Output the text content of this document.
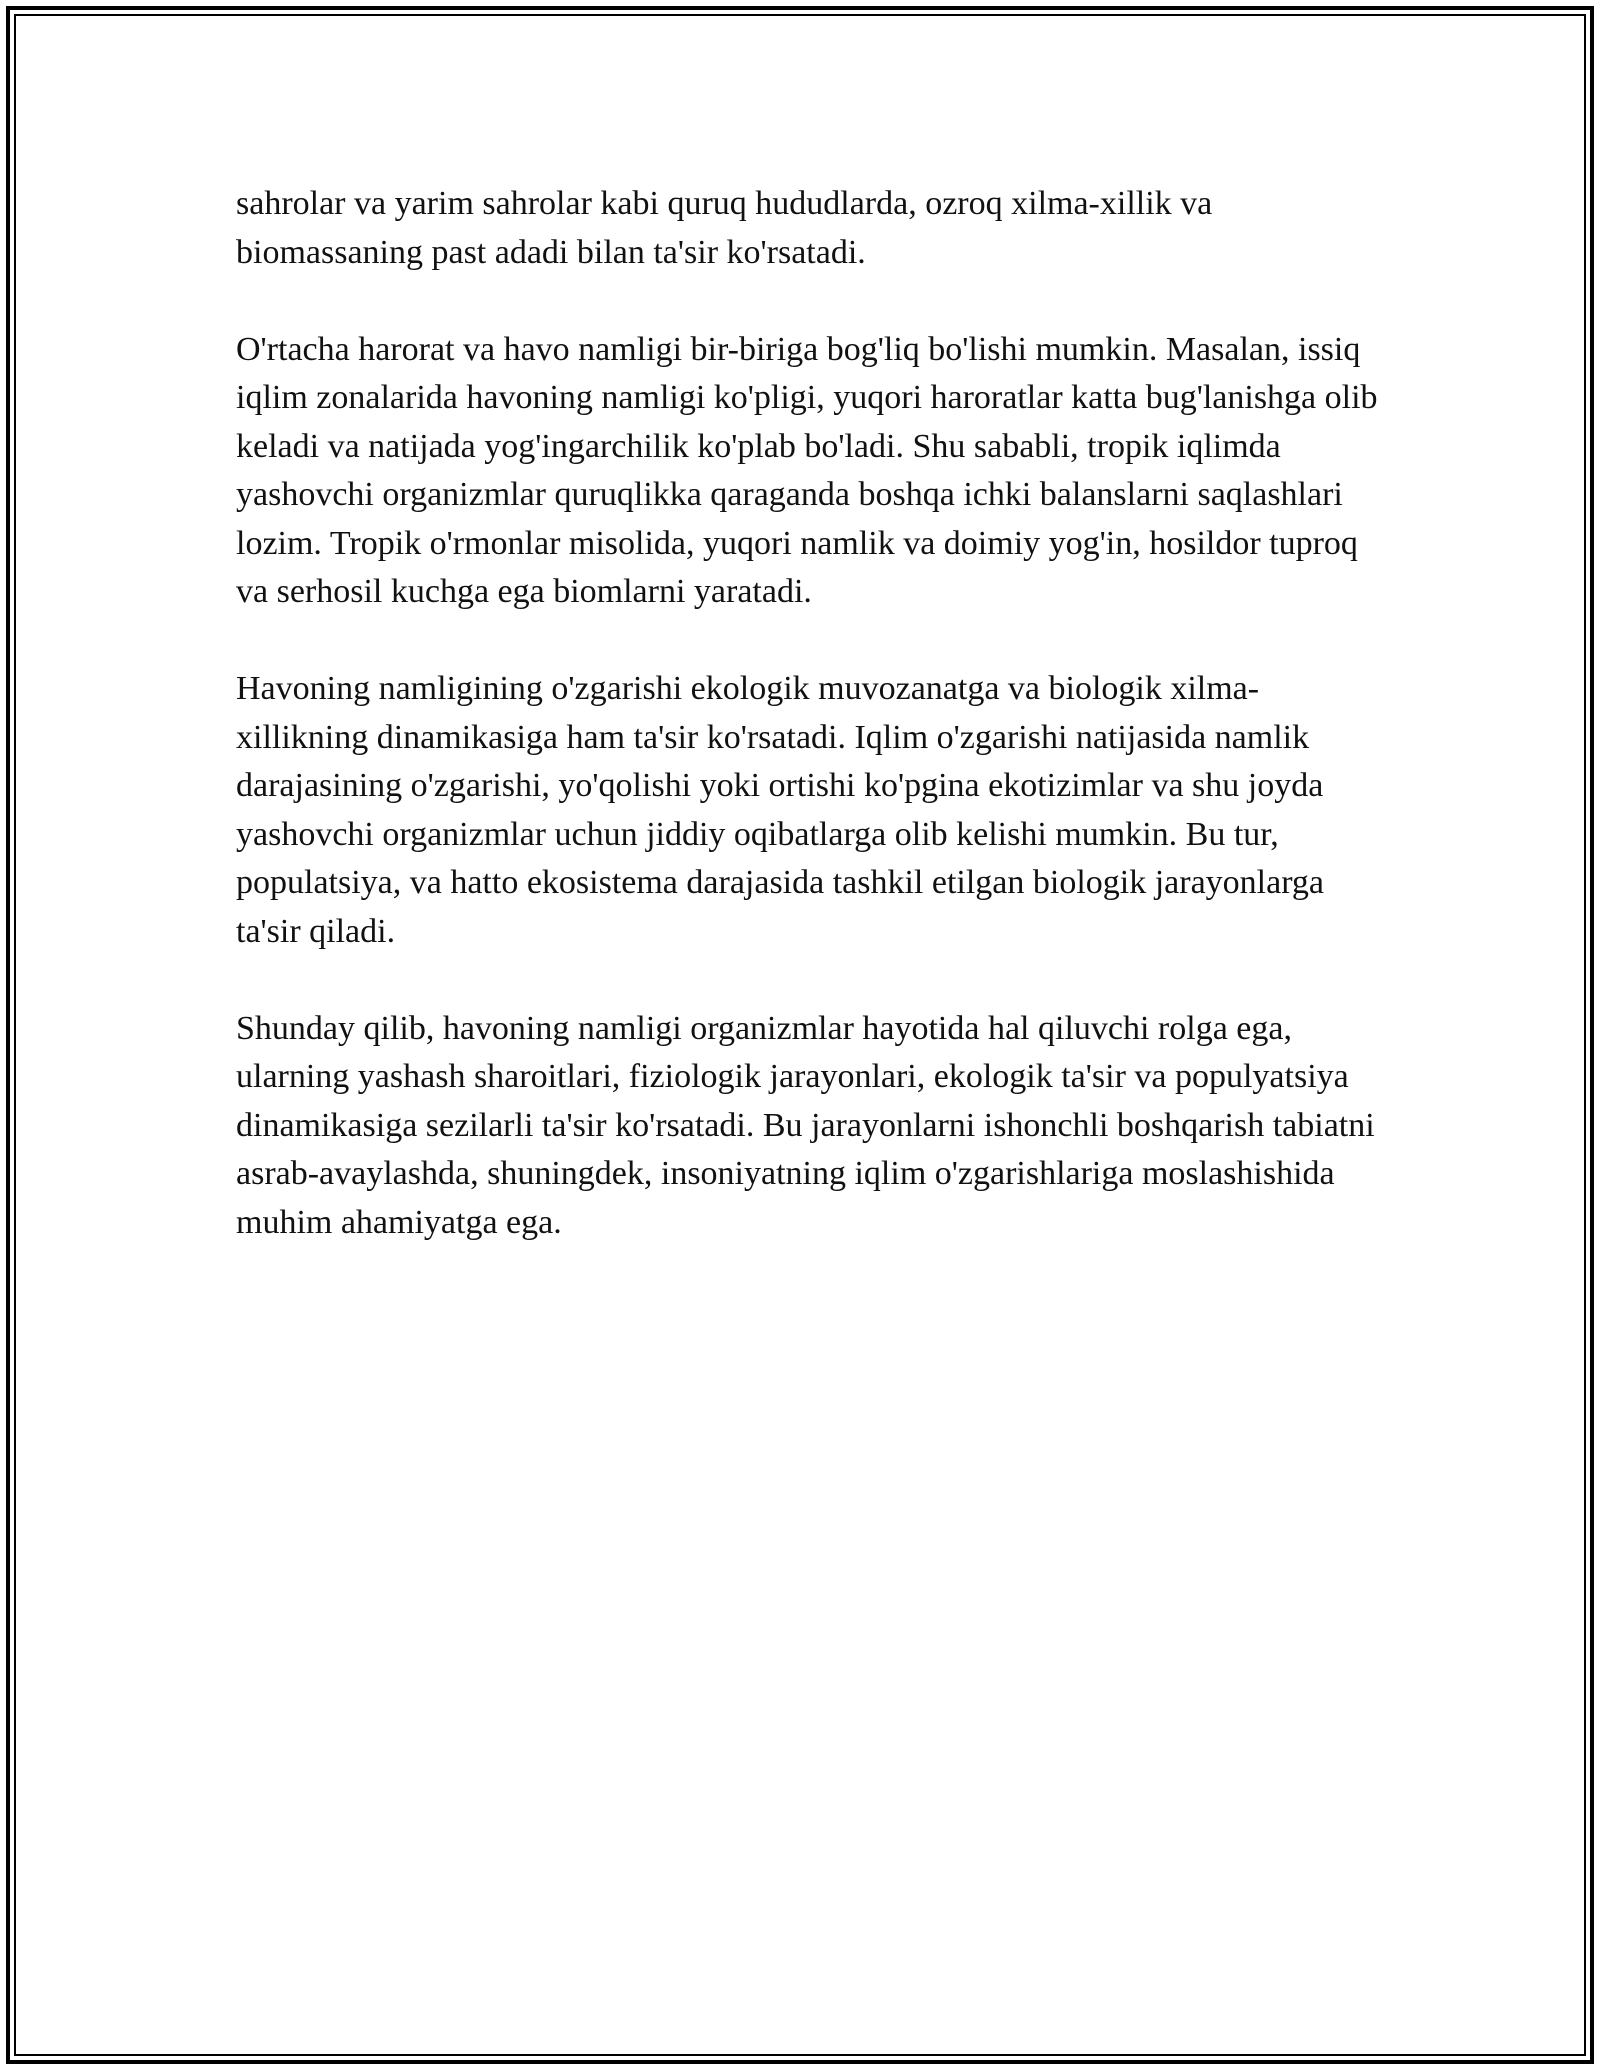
sahrolar va yarim sahrolar kabi quruq hududlarda, ozroq xilma-xillik va biomassaning past adadi bilan ta'sir ko'rsatadi.

O'rtacha harorat va havo namligi bir-biriga bog'liq bo'lishi mumkin. Masalan, issiq iqlim zonalarida havoning namligi ko'pligi, yuqori haroratlar katta bug'lanishga olib keladi va natijada yog'ingarchilik ko'plab bo'ladi. Shu sababli, tropik iqlimda yashovchi organizmlar quruqlikka qaraganda boshqa ichki balanslarni saqlashlari lozim. Tropik o'rmonlar misolida, yuqori namlik va doimiy yog'in, hosildor tuproq va serhosil kuchga ega biomlarni yaratadi.

Havoning namligining o'zgarishi ekologik muvozanatga va biologik xilma-xillikning dinamikasiga ham ta'sir ko'rsatadi. Iqlim o'zgarishi natijasida namlik darajasining o'zgarishi, yo'qolishi yoki ortishi ko'pgina ekotizimlar va shu joyda yashovchi organizmlar uchun jiddiy oqibatlarga olib kelishi mumkin. Bu tur, populatsiya, va hatto ekosistema darajasida tashkil etilgan biologik jarayonlarga ta'sir qiladi.

Shunday qilib, havoning namligi organizmlar hayotida hal qiluvchi rolga ega, ularning yashash sharoitlari, fiziologik jarayonlari, ekologik ta'sir va populyatsiya dinamikasiga sezilarli ta'sir ko'rsatadi. Bu jarayonlarni ishonchli boshqarish tabiatni asrab-avaylashda, shuningdek, insoniyatning iqlim o'zgarishlariga moslashishida muhim ahamiyatga ega.
